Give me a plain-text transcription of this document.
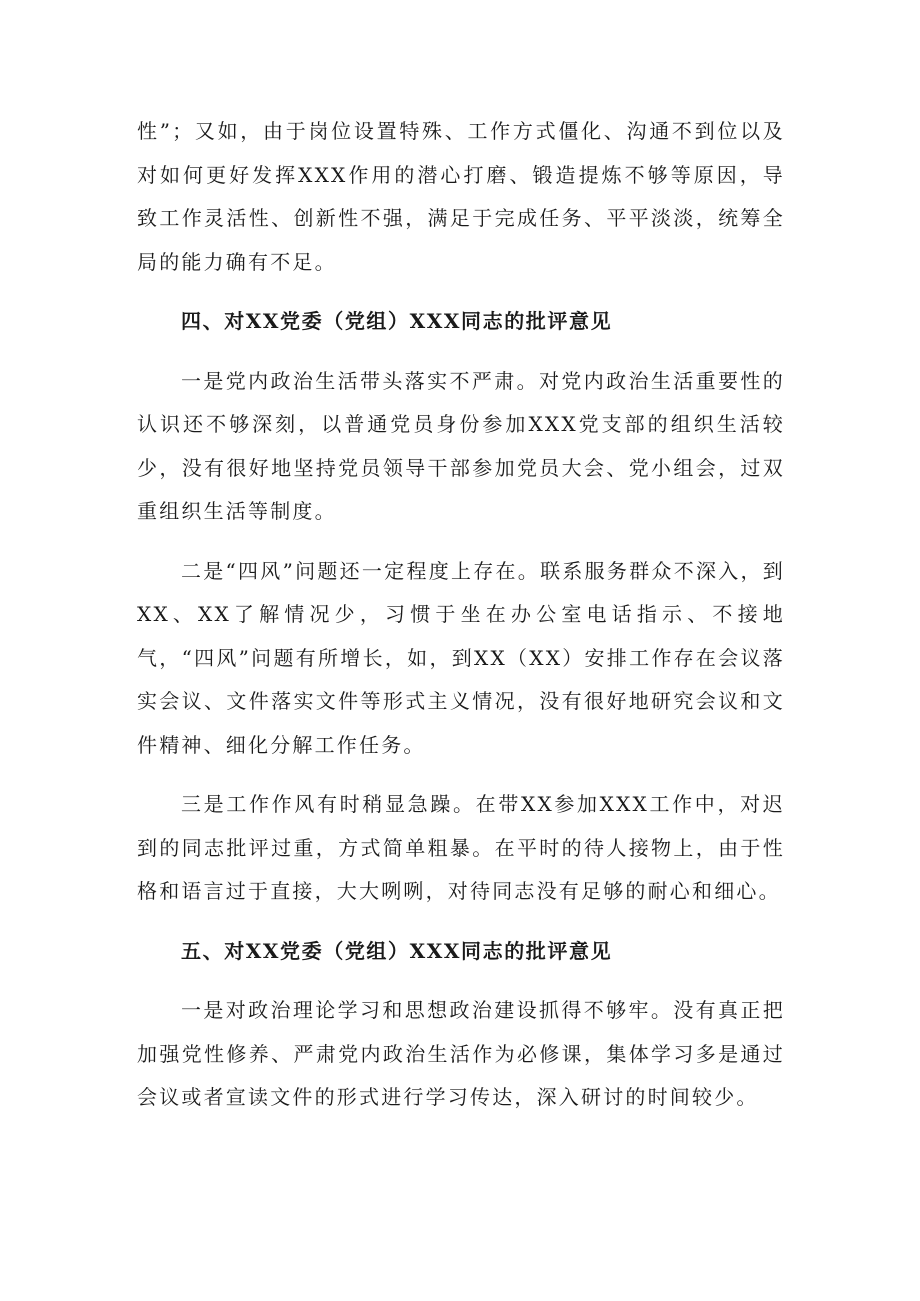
性”；又如，由于岗位设置特殊、工作方式僵化、沟通不到位以及对如何更好发挥XXX作用的潜心打磨、锻造提炼不够等原因，导致工作灵活性、创新性不强，满足于完成任务、平平淡淡，统筹全局的能力确有不足。

四、对XX党委（党组）XXX同志的批评意见

一是党内政治生活带头落实不严肃。对党内政治生活重要性的认识还不够深刻，以普通党员身份参加XXX党支部的组织生活较少，没有很好地坚持党员领导干部参加党员大会、党小组会，过双重组织生活等制度。

二是“四风”问题还一定程度上存在。联系服务群众不深入，到XX、XX了解情况少，习惯于坐在办公室电话指示、不接地气，“四风”问题有所增长，如，到XX（XX）安排工作存在会议落实会议、文件落实文件等形式主义情况，没有很好地研究会议和文件精神、细化分解工作任务。

三是工作作风有时稍显急躁。在带XX参加XXX工作中，对迟到的同志批评过重，方式简单粗暴。在平时的待人接物上，由于性格和语言过于直接，大大咧咧，对待同志没有足够的耐心和细心。

五、对XX党委（党组）XXX同志的批评意见

一是对政治理论学习和思想政治建设抓得不够牢。没有真正把加强党性修养、严肃党内政治生活作为必修课，集体学习多是通过会议或者宣读文件的形式进行学习传达，深入研讨的时间较少。
